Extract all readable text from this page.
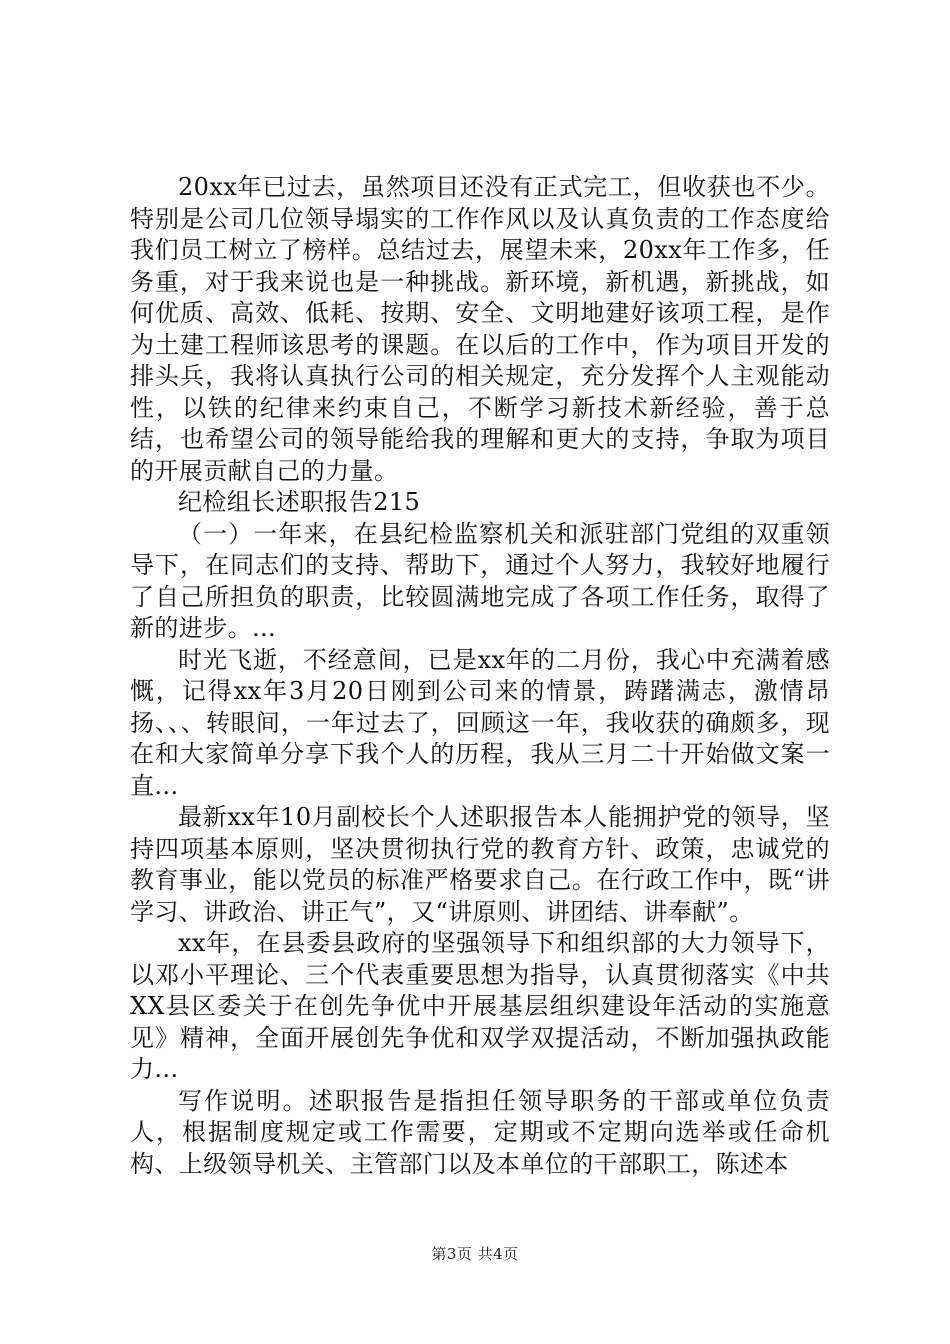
20xx年已过去，虽然项目还没有正式完工，但收获也不少。特别是公司几位领导塌实的工作作风以及认真负责的工作态度给我们员工树立了榜样。总结过去，展望未来，20xx年工作多，任务重，对于我来说也是一种挑战。新环境，新机遇，新挑战，如何优质、高效、低耗、按期、安全、文明地建好该项工程，是作为土建工程师该思考的课题。在以后的工作中，作为项目开发的排头兵，我将认真执行公司的相关规定，充分发挥个人主观能动性，以铁的纪律来约束自己，不断学习新技术新经验，善于总结，也希望公司的领导能给我的理解和更大的支持，争取为项目的开展贡献自己的力量。

纪检组长述职报告215

（一）一年来，在县纪检监察机关和派驻部门党组的双重领导下，在同志们的支持、帮助下，通过个人努力，我较好地履行了自己所担负的职责，比较圆满地完成了各项工作任务，取得了新的进步。...

时光飞逝，不经意间，已是xx年的二月份，我心中充满着感慨，记得xx年3月20日刚到公司来的情景，踌躇满志，激情昂扬、、、转眼间，一年过去了，回顾这一年，我收获的确颇多，现在和大家简单分享下我个人的历程，我从三月二十开始做文案一直...

最新xx年10月副校长个人述职报告本人能拥护党的领导，坚持四项基本原则，坚决贯彻执行党的教育方针、政策，忠诚党的教育事业，能以党员的标准严格要求自己。在行政工作中，既“讲学习、讲政治、讲正气”，又“讲原则、讲团结、讲奉献”。

xx年，在县委县政府的坚强领导下和组织部的大力领导下，以邓小平理论、三个代表重要思想为指导，认真贯彻落实《中共XX县区委关于在创先争优中开展基层组织建设年活动的实施意见》精神，全面开展创先争优和双学双提活动，不断加强执政能力...

写作说明。述职报告是指担任领导职务的干部或单位负责人，根据制度规定或工作需要，定期或不定期向选举或任命机构、上级领导机关、主管部门以及本单位的干部职工，陈述本

第3页 共4页
